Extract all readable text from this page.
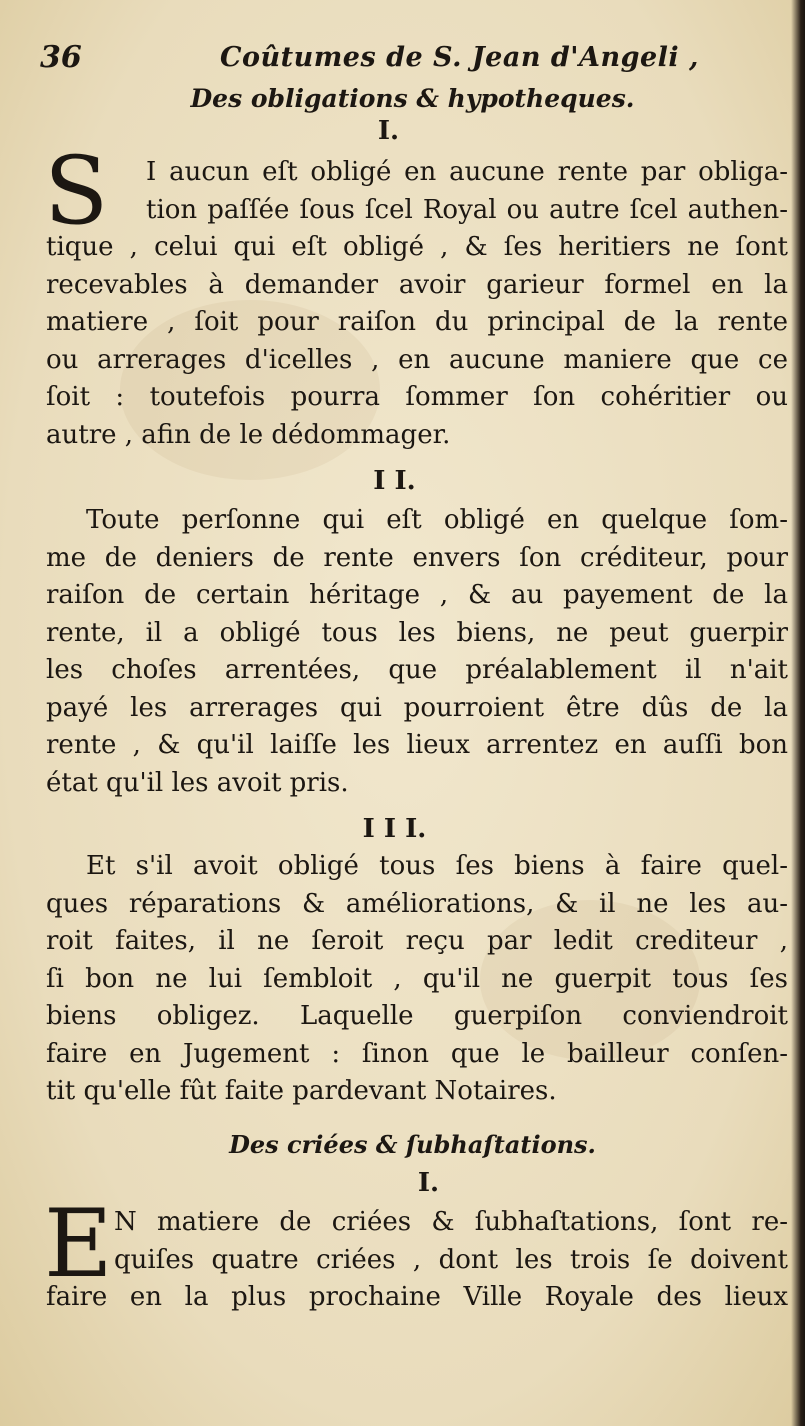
36	Coûtumes de S. Jean d'Angeli ,
Des obligations & hypotheques.
I.
S	I aucun eſt obligé en aucune rente par obliga-
tion paſſée ſous ſcel Royal ou autre ſcel authen-
tique , celui qui eſt obligé , & ſes heritiers ne ſont
recevables à demander avoir garieur formel en la
matiere , ſoit pour raiſon du principal de la rente
ou arrerages d'icelles , en aucune maniere que ce
ſoit : toutefois pourra ſommer ſon cohéritier ou
autre , afin de le dédommager.
I I.
Toute perſonne qui eſt obligé en quelque ſom-
me de deniers de rente envers ſon créditeur, pour
raiſon de certain héritage , & au payement de la
rente, il a obligé tous les biens, ne peut guerpir
les choſes arrentées, que préalablement il n'ait
payé les arrerages qui pourroient être dûs de la
rente , & qu'il laiſſe les lieux arrentez en auſſi bon
état qu'il les avoit pris.
I I I.
Et s'il avoit obligé tous ſes biens à faire quel-
ques réparations & améliorations, & il ne les au-
roit faites, il ne ſeroit reçu par ledit crediteur ,
ſi bon ne lui ſembloit , qu'il ne guerpit tous ſes
biens obligez. Laquelle guerpiſon conviendroit
faire en Jugement : ſinon que le bailleur conſen-
tit qu'elle fût faite pardevant Notaires.
Des criées & ſubhaſtations.
I.
E N matiere de criées & ſubhaſtations, ſont re-
quiſes quatre criées , dont les trois ſe doivent
faire en la plus prochaine Ville Royale des lieux
